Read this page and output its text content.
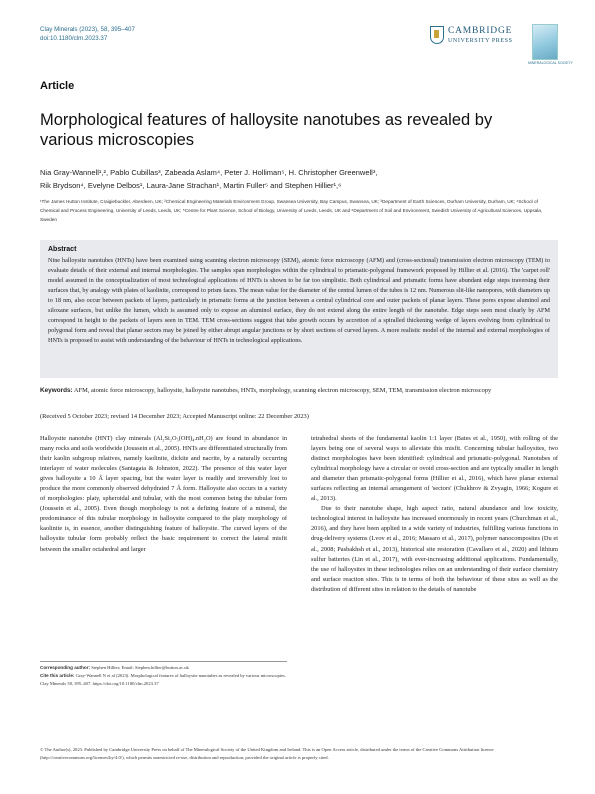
Clay Minerals (2023), 58, 395–407
doi:10.1180/clm.2023.37
CAMBRIDGE
UNIVERSITY PRESS
MINERALOGICAL SOCIETY
Article
Morphological features of halloysite nanotubes as revealed by various microscopies
Nia Gray-Wannell¹,², Pablo Cubillas³, Zabeada Aslam⁴, Peter J. Holliman⁵, H. Christopher Greenwell³,
Rik Brydson⁴, Evelyne Delbos¹, Laura-Jane Strachan¹, Martin Fuller⁵ and Stephen Hillier¹,⁶
¹The James Hutton Institute, Craigiebuckler, Aberdeen, UK; ²Chemical Engineering Materials Environment Group, Swansea University, Bay Campus, Swansea, UK; ³Department of Earth Sciences, Durham University, Durham, UK; ⁴School of Chemical and Process Engineering, University of Leeds, Leeds, UK; ⁵Centre for Plant Science, School of Biology, University of Leeds, Leeds, UK and ⁶Department of Soil and Environment, Swedish University of Agricultural Sciences, Uppsala, Sweden
Abstract
Nine halloysite nanotubes (HNTs) have been examined using scanning electron microscopy (SEM), atomic force microscopy (AFM) and (cross-sectional) transmission electron microscopy (TEM) to evaluate details of their external and internal morphologies. The samples span morphologies within the cylindrical to prismatic-polygonal framework proposed by Hillier et al. (2016). The 'carpet roll' model assumed in the conceptualization of most technological applications of HNTs is shown to be far too simplistic. Both cylindrical and prismatic forms have abundant edge steps traversing their surfaces that, by analogy with plates of kaolinite, correspond to prism faces. The mean value for the diameter of the central lumen of the tubes is 12 nm. Numerous slit-like nanopores, with diameters up to 18 nm, also occur between packets of layers, particularly in prismatic forms at the junction between a central cylindrical core and outer packets of planar layers. These pores expose aluminol and siloxane surfaces, but unlike the lumen, which is assumed only to expose an aluminol surface, they do not extend along the entire length of the nanotube. Edge steps seen most clearly by AFM correspond in height to the packets of layers seen in TEM. TEM cross-sections suggest that tube growth occurs by accretion of a spiralled thickening wedge of layers evolving from cylindrical to polygonal form and reveal that planar sectors may be joined by either abrupt angular junctions or by short sections of curved layers. A more realistic model of the internal and external morphologies of HNTs is proposed to assist with understanding of the behaviour of HNTs in technological applications.
Keywords: AFM, atomic force microscopy, halloysite, halloysite nanotubes, HNTs, morphology, scanning electron microscopy, SEM, TEM, transmission electron microscopy
(Received 5 October 2023; revised 14 December 2023; Accepted Manuscript online: 22 December 2023)
Halloysite nanotube (HNT) clay minerals (Al₂Si₂O₅(OH)₄.nH₂O) are found in abundance in many rocks and soils worldwide (Joussein et al., 2005). HNTs are differentiated structurally from their kaolin subgroup relatives, namely kaolinite, dickite and nacrite, by a naturally occurring interlayer of water molecules (Santagata & Johnston, 2022). The presence of this water layer gives halloysite a 10 Å layer spacing, but the water layer is readily and irreversibly lost to produce the more commonly observed dehydrated 7 Å form. Halloysite also occurs in a variety of morphologies: platy, spheroidal and tubular, with the most common being the tubular form (Joussein et al., 2005). Even though morphology is not a defining feature of a mineral, the predominance of this tubular morphology in halloysite compared to the platy morphology of kaolinite is, in essence, another distinguishing feature of halloysite. The curved layers of the halloysite tubular form probably reflect the basic requirement to correct the lateral misfit between the smaller octahedral and larger
tetrahedral sheets of the fundamental kaolin 1:1 layer (Bates et al., 1950), with rolling of the layers being one of several ways to alleviate this misfit. Concerning tubular halloysites, two distinct morphologies have been identified: cylindrical and prismatic-polygonal. Nanotubes of cylindrical morphology have a circular or ovoid cross-section and are typically smaller in length and diameter than prismatic-polygonal forms (Hillier et al., 2016), which have planar external surfaces reflecting an internal arrangement of 'sectors' (Chukhrov & Zvyagin, 1966; Kogure et al., 2013).
Due to their nanotube shape, high aspect ratio, natural abundance and low toxicity, technological interest in halloysite has increased enormously in recent years (Churchman et al., 2016), and they have been applied in a wide variety of industries, fulfilling various functions in drug-delivery systems (Lvov et al., 2016; Massaro et al., 2017), polymer nanocomposites (Du et al., 2008; Pasbakhsh et al., 2013), historical site restoration (Cavallaro et al., 2020) and lithium sulfur batteries (Lin et al., 2017), with ever-increasing additional applications. Fundamentally, the use of halloysites in these technologies relies on an understanding of their surface chemistry and surface reaction sites. This is in terms of both the behaviour of these sites as well as the distribution of different sites in relation to the details of nanotube
Corresponding author: Stephen Hillier; Email: Stephen.hillier@hutton.ac.uk
Cite this article: Gray-Wannell N et al (2023). Morphological features of halloysite nanotubes as revealed by various microscopies. Clay Minerals 58, 395–407. https://doi.org/10.1180/clm.2023.37
© The Author(s), 2023. Published by Cambridge University Press on behalf of The Mineralogical Society of the United Kingdom and Ireland. This is an Open Access article, distributed under the terms of the Creative Commons Attribution licence (http://creativecommons.org/licenses/by/4.0/), which permits unrestricted re-use, distribution and reproduction, provided the original article is properly cited.
